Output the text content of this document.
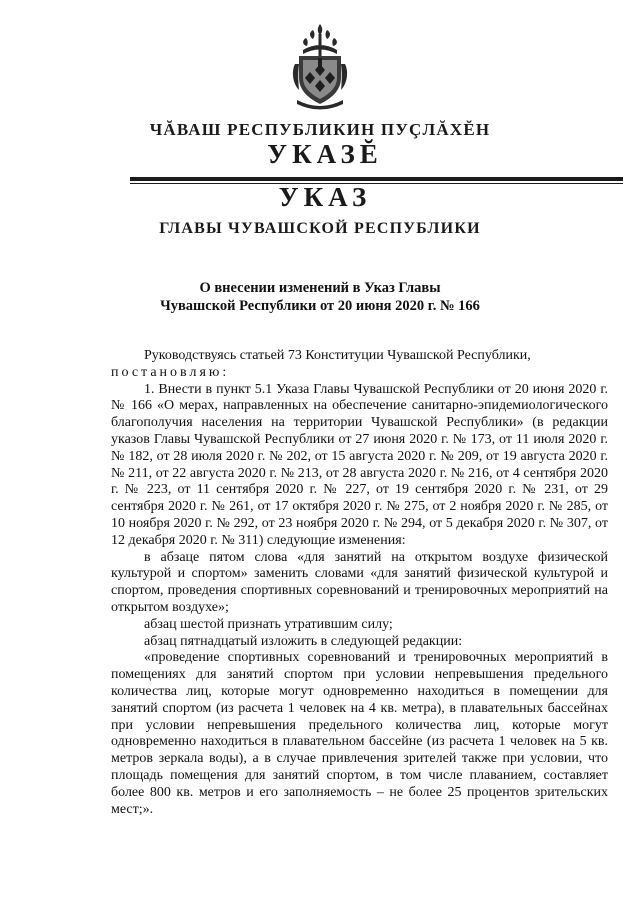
ЧĂВАШ РЕСПУБЛИКИН ПУÇЛĂХĔН
УКАЗĔ
УКАЗ
ГЛАВЫ ЧУВАШСКОЙ РЕСПУБЛИКИ
О внесении изменений в Указ Главы
Чувашской Республики от 20 июня 2020 г. № 166

Руководствуясь статьей 73 Конституции Чувашской Республики,

постановляю:

1. Внести в пункт 5.1 Указа Главы Чувашской Республики от 20 июня 2020 г. № 166 «О мерах, направленных на обеспечение санитарно-эпидемиологического благополучия населения на территории Чувашской Республики» (в редакции указов Главы Чувашской Республики от 27 июня 2020 г. № 173, от 11 июля 2020 г. № 182, от 28 июля 2020 г. № 202, от 15 августа 2020 г. № 209, от 19 августа 2020 г. № 211, от 22 августа 2020 г. № 213, от 28 августа 2020 г. № 216, от 4 сентября 2020 г. № 223, от 11 сентября 2020 г. № 227, от 19 сентября 2020 г. № 231, от 29 сентября 2020 г. № 261, от 17 октября 2020 г. № 275, от 2 ноября 2020 г. № 285, от 10 ноября 2020 г. № 292, от 23 ноября 2020 г. № 294, от 5 декабря 2020 г. № 307, от 12 декабря 2020 г. № 311) следующие изменения:

в абзаце пятом слова «для занятий на открытом воздухе физической культурой и спортом» заменить словами «для занятий физической культурой и спортом, проведения спортивных соревнований и тренировочных мероприятий на открытом воздухе»;

абзац шестой признать утратившим силу;

абзац пятнадцатый изложить в следующей редакции:

«проведение спортивных соревнований и тренировочных мероприятий в помещениях для занятий спортом при условии непревышения предельного количества лиц, которые могут одновременно находиться в помещении для занятий спортом (из расчета 1 человек на 4 кв. метра), в плавательных бассейнах при условии непревышения предельного количества лиц, которые могут одновременно находиться в плавательном бассейне (из расчета 1 человек на 5 кв. метров зеркала воды), а в случае привлечения зрителей также при условии, что площадь помещения для занятий спортом, в том числе плаванием, составляет более 800 кв. метров и его заполняемость – не более 25 процентов зрительских мест;».
